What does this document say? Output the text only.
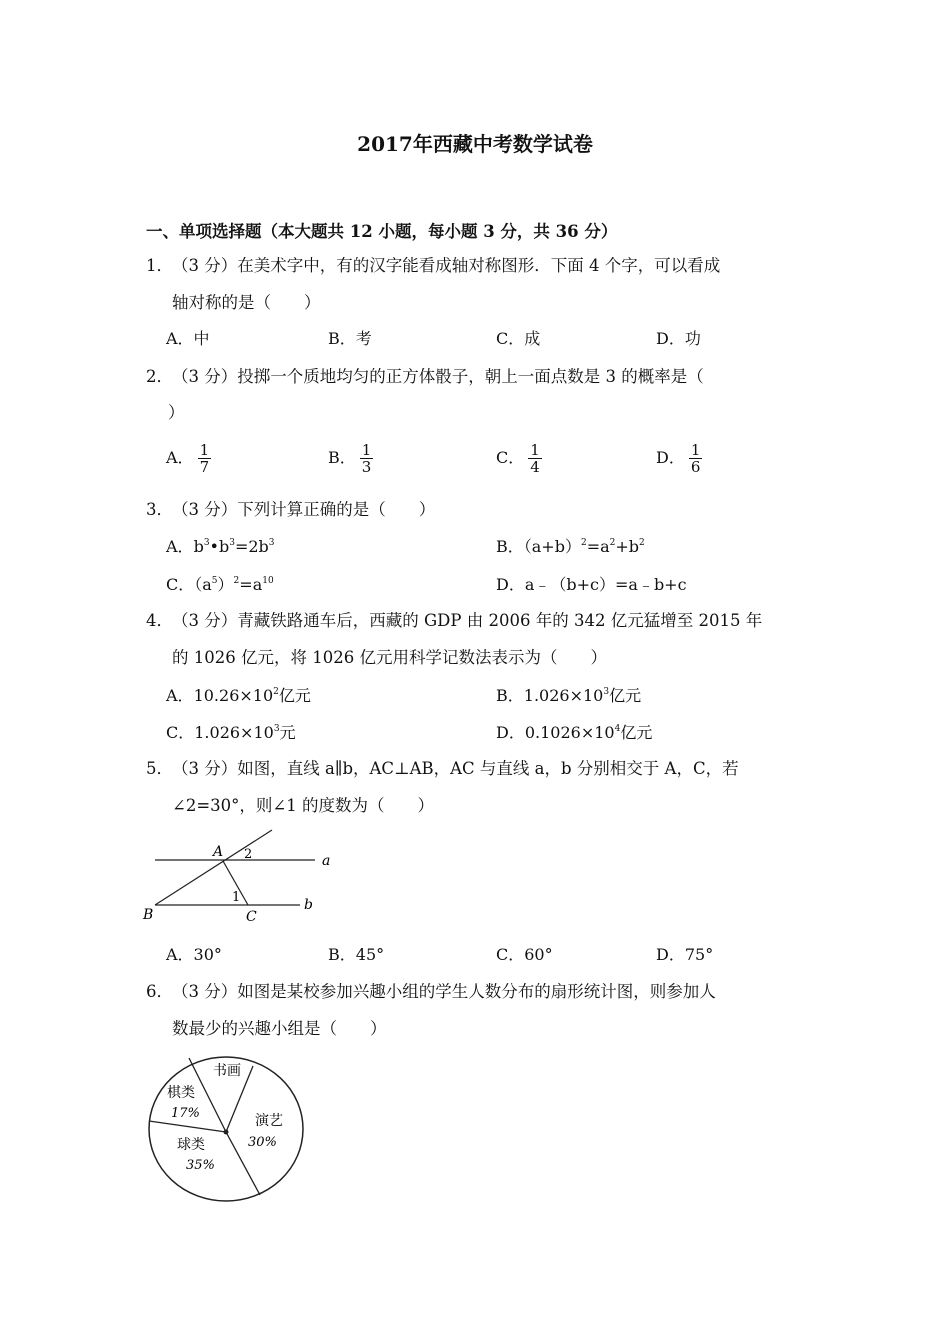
2017年西藏中考数学试卷
一、单项选择题（本大题共 12 小题，每小题 3 分，共 36 分）
1． （3 分）在美术字中，有的汉字能看成轴对称图形．下面 4 个字，可以看成
轴对称的是（　　）
A．中	B．考	C．成	D．功
2． （3 分）投掷一个质地均匀的正方体骰子，朝上一面点数是 3 的概率是（
）
A． $\frac{1}{7}$	B． $\frac{1}{3}$	C． $\frac{1}{4}$	D． $\frac{1}{6}$
3． （3 分）下列计算正确的是（　　）
A．$b^3•b^3=2b^3$	B．$(a+b)^2=a^2+b^2$
C．$(a^5)^2=a^{10}$	D．a﹣（b+c）=a﹣b+c
4． （3 分）青藏铁路通车后，西藏的 GDP 由 2006 年的 342 亿元猛增至 2015 年
的 1026 亿元，将 1026 亿元用科学记数法表示为（　　）
A．$10.26\times 10^2$亿元	B．$1.026\times 10^3$亿元
C．$1.026\times 10^3$元	D．$0.1026\times 10^4$亿元
5． （3 分）如图，直线 a∥b，AC⊥AB，AC 与直线 a，b 分别相交于 A，C，若
∠2=30°，则∠1 的度数为（　　）
A
B	C
a
b
1
2
A．30°	B．45°	C．60°	D．75°
6． （3 分）如图是某校参加兴趣小组的学生人数分布的扇形统计图，则参加人
数最少的兴趣小组是（　　）
书画
棋类
17%	演艺
30%
球类
35%
